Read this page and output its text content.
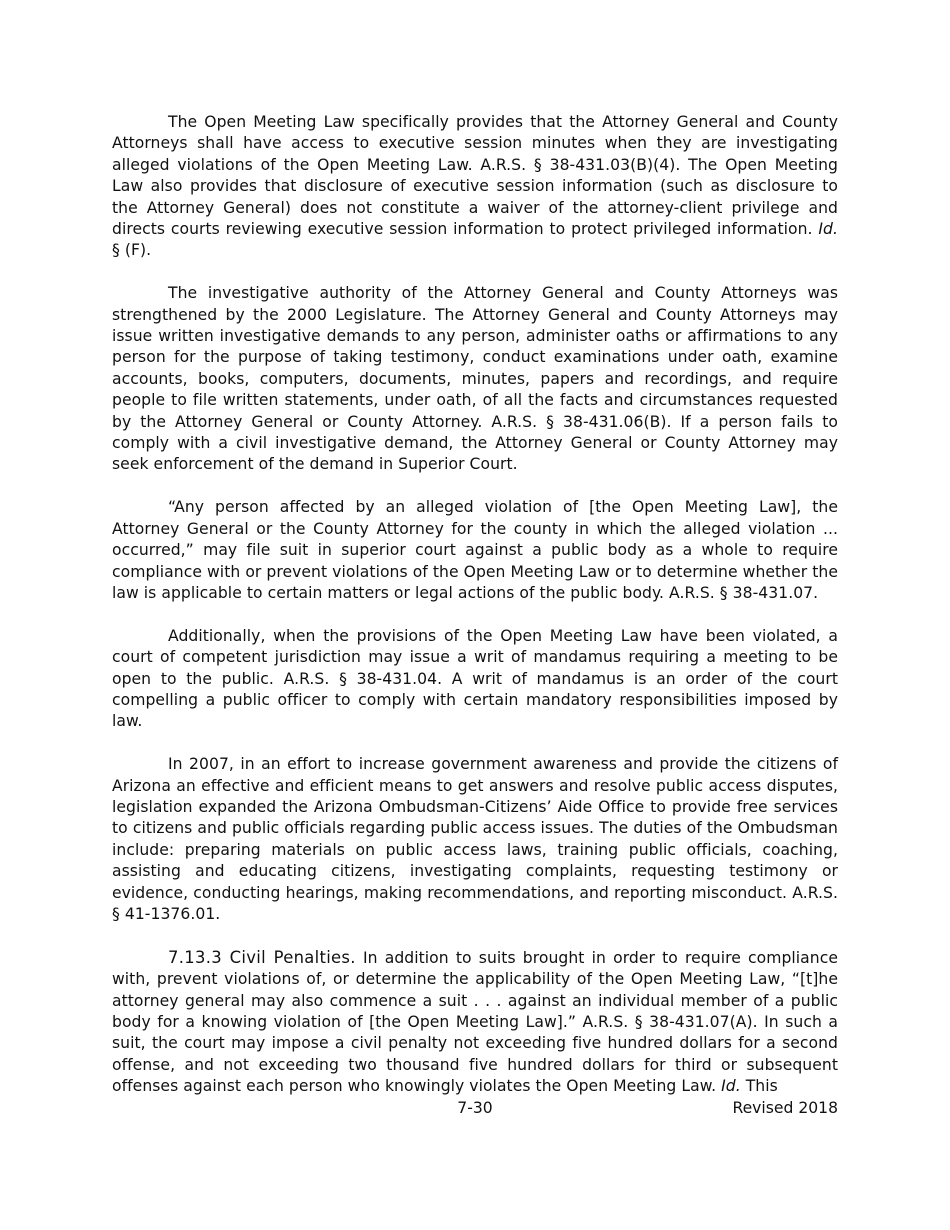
The Open Meeting Law specifically provides that the Attorney General and County Attorneys shall have access to executive session minutes when they are investigating alleged violations of the Open Meeting Law. A.R.S. § 38-431.03(B)(4). The Open Meeting Law also provides that disclosure of executive session information (such as disclosure to the Attorney General) does not constitute a waiver of the attorney-client privilege and directs courts reviewing executive session information to protect privileged information. Id. § (F).

The investigative authority of the Attorney General and County Attorneys was strengthened by the 2000 Legislature. The Attorney General and County Attorneys may issue written investigative demands to any person, administer oaths or affirmations to any person for the purpose of taking testimony, conduct examinations under oath, examine accounts, books, computers, documents, minutes, papers and recordings, and require people to file written statements, under oath, of all the facts and circumstances requested by the Attorney General or County Attorney. A.R.S. § 38-431.06(B). If a person fails to comply with a civil investigative demand, the Attorney General or County Attorney may seek enforcement of the demand in Superior Court.

“Any person affected by an alleged violation of [the Open Meeting Law], the Attorney General or the County Attorney for the county in which the alleged violation ... occurred,” may file suit in superior court against a public body as a whole to require compliance with or prevent violations of the Open Meeting Law or to determine whether the law is applicable to certain matters or legal actions of the public body. A.R.S. § 38-431.07.

Additionally, when the provisions of the Open Meeting Law have been violated, a court of competent jurisdiction may issue a writ of mandamus requiring a meeting to be open to the public. A.R.S. § 38-431.04. A writ of mandamus is an order of the court compelling a public officer to comply with certain mandatory responsibilities imposed by law.

In 2007, in an effort to increase government awareness and provide the citizens of Arizona an effective and efficient means to get answers and resolve public access disputes, legislation expanded the Arizona Ombudsman-Citizens’ Aide Office to provide free services to citizens and public officials regarding public access issues. The duties of the Ombudsman include: preparing materials on public access laws, training public officials, coaching, assisting and educating citizens, investigating complaints, requesting testimony or evidence, conducting hearings, making recommendations, and reporting misconduct. A.R.S. § 41-1376.01.

7.13.3 Civil Penalties. In addition to suits brought in order to require compliance with, prevent violations of, or determine the applicability of the Open Meeting Law, “[t]he attorney general may also commence a suit . . . against an individual member of a public body for a knowing violation of [the Open Meeting Law].” A.R.S. § 38-431.07(A). In such a suit, the court may impose a civil penalty not exceeding five hundred dollars for a second offense, and not exceeding two thousand five hundred dollars for third or subsequent offenses against each person who knowingly violates the Open Meeting Law. Id. This

7-30	Revised 2018
